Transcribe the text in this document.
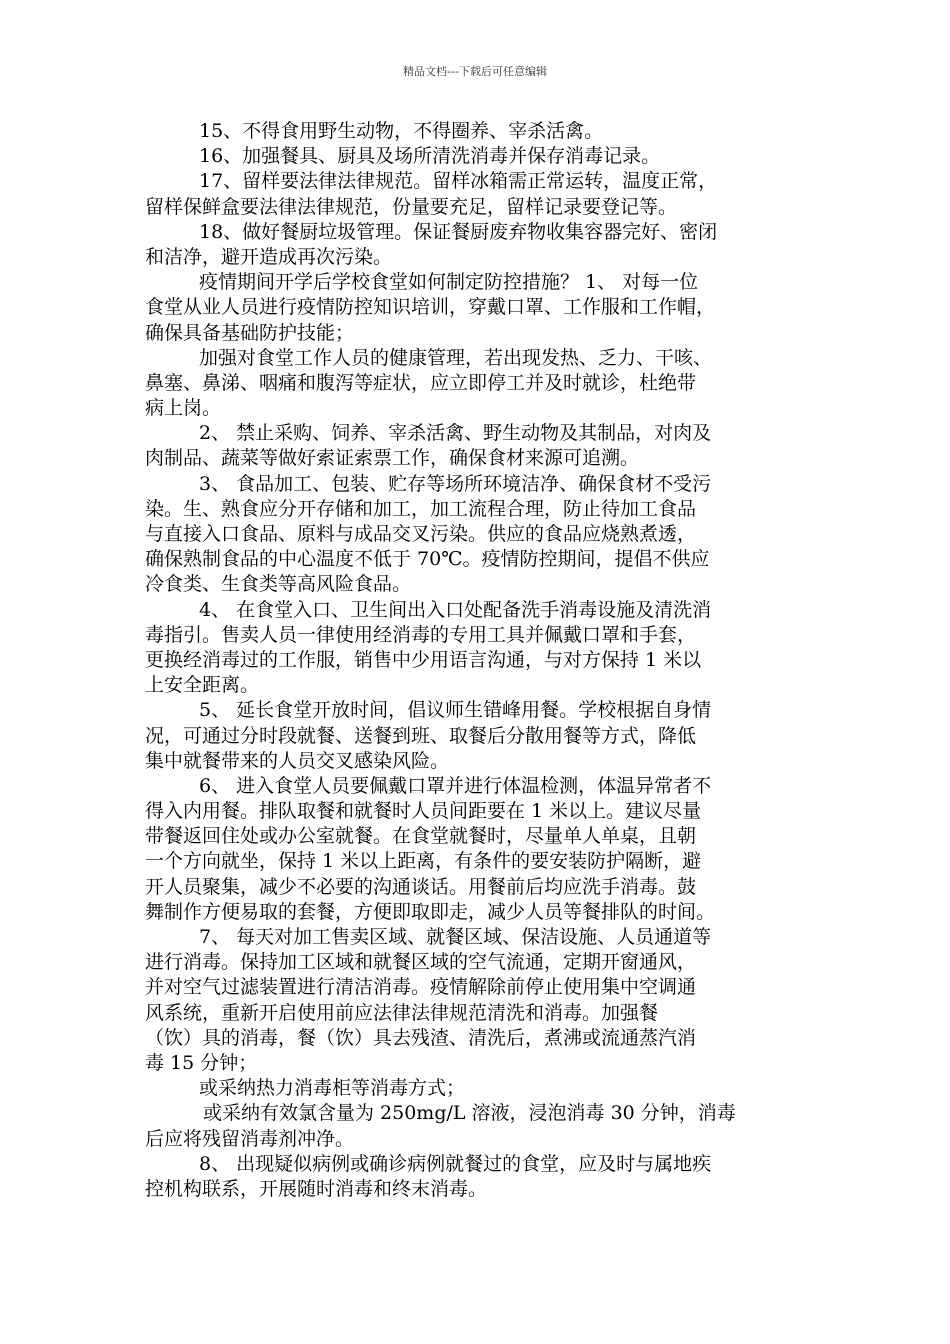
精品文档---下载后可任意编辑
15、不得食用野生动物，不得圈养、宰杀活禽。
16、加强餐具、厨具及场所清洗消毒并保存消毒记录。
17、留样要法律法律规范。留样冰箱需正常运转，温度正常，
留样保鲜盒要法律法律规范，份量要充足，留样记录要登记等。
18、做好餐厨垃圾管理。保证餐厨废弃物收集容器完好、密闭
和洁净，避开造成再次污染。
疫情期间开学后学校食堂如何制定防控措施？ 1、 对每一位
食堂从业人员进行疫情防控知识培训，穿戴口罩、工作服和工作帽，
确保具备基础防护技能；
加强对食堂工作人员的健康管理，若出现发热、乏力、干咳、
鼻塞、鼻涕、咽痛和腹泻等症状，应立即停工并及时就诊，杜绝带
病上岗。
2、 禁止采购、饲养、宰杀活禽、野生动物及其制品，对肉及
肉制品、蔬菜等做好索证索票工作，确保食材来源可追溯。
3、 食品加工、包装、贮存等场所环境洁净、确保食材不受污
染。生、熟食应分开存储和加工，加工流程合理，防止待加工食品
与直接入口食品、原料与成品交叉污染。供应的食品应烧熟煮透，
确保熟制食品的中心温度不低于 70℃。疫情防控期间，提倡不供应
冷食类、生食类等高风险食品。
4、 在食堂入口、卫生间出入口处配备洗手消毒设施及清洗消
毒指引。售卖人员一律使用经消毒的专用工具并佩戴口罩和手套，
更换经消毒过的工作服，销售中少用语言沟通，与对方保持 1 米以
上安全距离。
5、 延长食堂开放时间，倡议师生错峰用餐。学校根据自身情
况，可通过分时段就餐、送餐到班、取餐后分散用餐等方式，降低
集中就餐带来的人员交叉感染风险。
6、 进入食堂人员要佩戴口罩并进行体温检测，体温异常者不
得入内用餐。排队取餐和就餐时人员间距要在 1 米以上。建议尽量
带餐返回住处或办公室就餐。在食堂就餐时，尽量单人单桌，且朝
一个方向就坐，保持 1 米以上距离，有条件的要安装防护隔断，避
开人员聚集，减少不必要的沟通谈话。用餐前后均应洗手消毒。鼓
舞制作方便易取的套餐，方便即取即走，减少人员等餐排队的时间。
7、 每天对加工售卖区域、就餐区域、保洁设施、人员通道等
进行消毒。保持加工区域和就餐区域的空气流通，定期开窗通风，
并对空气过滤装置进行清洁消毒。疫情解除前停止使用集中空调通
风系统，重新开启使用前应法律法律规范清洗和消毒。加强餐
（饮）具的消毒，餐（饮）具去残渣、清洗后，煮沸或流通蒸汽消
毒 15 分钟；
或采纳热力消毒柜等消毒方式；
或采纳有效氯含量为 250mg/L 溶液，浸泡消毒 30 分钟，消毒
后应将残留消毒剂冲净。
8、 出现疑似病例或确诊病例就餐过的食堂，应及时与属地疾
控机构联系，开展随时消毒和终末消毒。
